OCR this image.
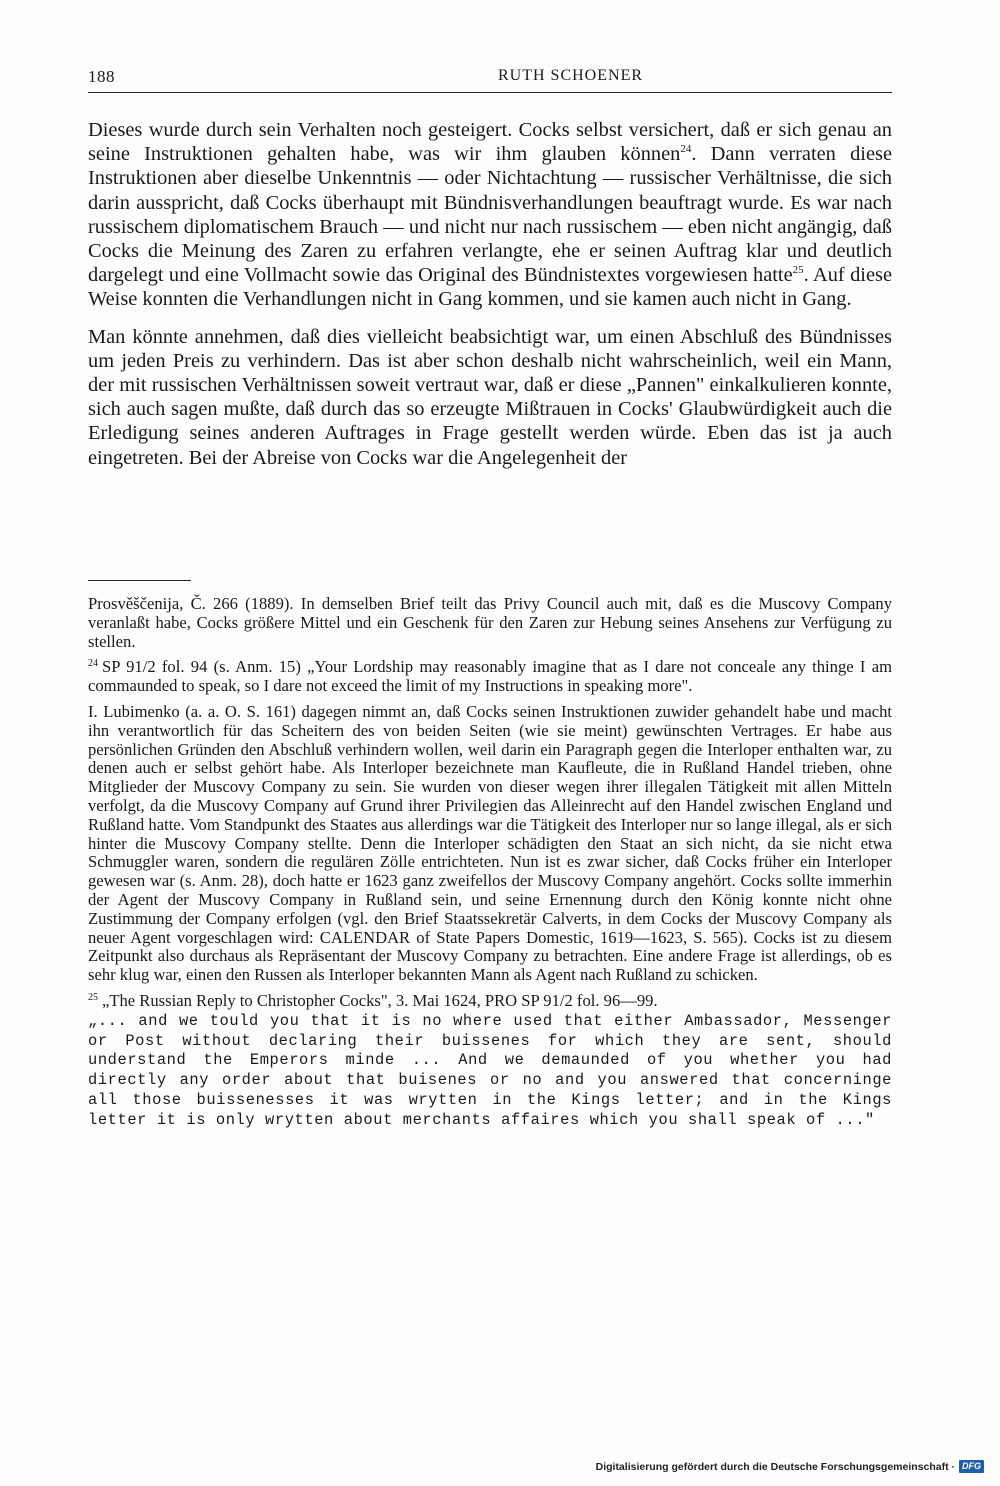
188	RUTH SCHOENER

Dieses wurde durch sein Verhalten noch gesteigert. Cocks selbst versichert, daß er sich genau an seine Instruktionen gehalten habe, was wir ihm glauben können$^{24}$. Dann verraten diese Instruktionen aber dieselbe Unkenntnis — oder Nichtachtung — russischer Verhältnisse, die sich darin ausspricht, daß Cocks überhaupt mit Bündnisverhandlungen beauftragt wurde. Es war nach russischem diplomatischem Brauch — und nicht nur nach russischem — eben nicht angängig, daß Cocks die Meinung des Zaren zu erfahren verlangte, ehe er seinen Auftrag klar und deutlich dargelegt und eine Vollmacht sowie das Original des Bündnistextes vorgewiesen hatte$^{25}$. Auf diese Weise konnten die Verhandlungen nicht in Gang kommen, und sie kamen auch nicht in Gang.

Man könnte annehmen, daß dies vielleicht beabsichtigt war, um einen Abschluß des Bündnisses um jeden Preis zu verhindern. Das ist aber schon deshalb nicht wahrscheinlich, weil ein Mann, der mit russischen Verhältnissen soweit vertraut war, daß er diese „Pannen" einkalkulieren konnte, sich auch sagen mußte, daß durch das so erzeugte Mißtrauen in Cocks' Glaubwürdigkeit auch die Erledigung seines anderen Auftrages in Frage gestellt werden würde. Eben das ist ja auch eingetreten. Bei der Abreise von Cocks war die Angelegenheit der

Prosvěščenija, Č. 266 (1889). In demselben Brief teilt das Privy Council auch mit, daß es die Muscovy Company veranlaßt habe, Cocks größere Mittel und ein Geschenk für den Zaren zur Hebung seines Ansehens zur Verfügung zu stellen.

$^{24}$ SP 91/2 fol. 94 (s. Anm. 15) „Your Lordship may reasonably imagine that as I dare not conceale any thinge I am commaunded to speak, so I dare not exceed the limit of my Instructions in speaking more".

I. Lubimenko (a. a. O. S. 161) dagegen nimmt an, daß Cocks seinen Instruktionen zuwider gehandelt habe und macht ihn verantwortlich für das Scheitern des von beiden Seiten (wie sie meint) gewünschten Vertrages. Er habe aus persönlichen Gründen den Abschluß verhindern wollen, weil darin ein Paragraph gegen die Interloper enthalten war, zu denen auch er selbst gehört habe. Als Interloper bezeichnete man Kaufleute, die in Rußland Handel trieben, ohne Mitglieder der Muscovy Company zu sein. Sie wurden von dieser wegen ihrer illegalen Tätigkeit mit allen Mitteln verfolgt, da die Muscovy Company auf Grund ihrer Privilegien das Alleinrecht auf den Handel zwischen England und Rußland hatte. Vom Standpunkt des Staates aus allerdings war die Tätigkeit des Interloper nur so lange illegal, als er sich hinter die Muscovy Company stellte. Denn die Interloper schädigten den Staat an sich nicht, da sie nicht etwa Schmuggler waren, sondern die regulären Zölle entrichteten. Nun ist es zwar sicher, daß Cocks früher ein Interloper gewesen war (s. Anm. 28), doch hatte er 1623 ganz zweifellos der Muscovy Company angehört. Cocks sollte immerhin der Agent der Muscovy Company in Rußland sein, und seine Ernennung durch den König konnte nicht ohne Zustimmung der Company erfolgen (vgl. den Brief Staatssekretär Calverts, in dem Cocks der Muscovy Company als neuer Agent vorgeschlagen wird: CALENDAR of State Papers Domestic, 1619—1623, S. 565). Cocks ist zu diesem Zeitpunkt also durchaus als Repräsentant der Muscovy Company zu betrachten. Eine andere Frage ist allerdings, ob es sehr klug war, einen den Russen als Interloper bekannten Mann als Agent nach Rußland zu schicken.

$^{25}$ „The Russian Reply to Christopher Cocks", 3. Mai 1624, PRO SP 91/2 fol. 96—99.
„... and we tould you that it is no where used that either Ambassador, Messenger or Post without declaring their buissenes for which they are sent, should understand the Emperors minde ... And we demaunded of you whether you had directly any order about that buisenes or no and you answered that concerninge all those buissenesses it was wrytten in the Kings letter; and in the Kings letter it is only wrytten about merchants affaires which you shall speak of ..."

Digitalisierung gefördert durch die Deutsche Forschungsgemeinschaft · DFG
